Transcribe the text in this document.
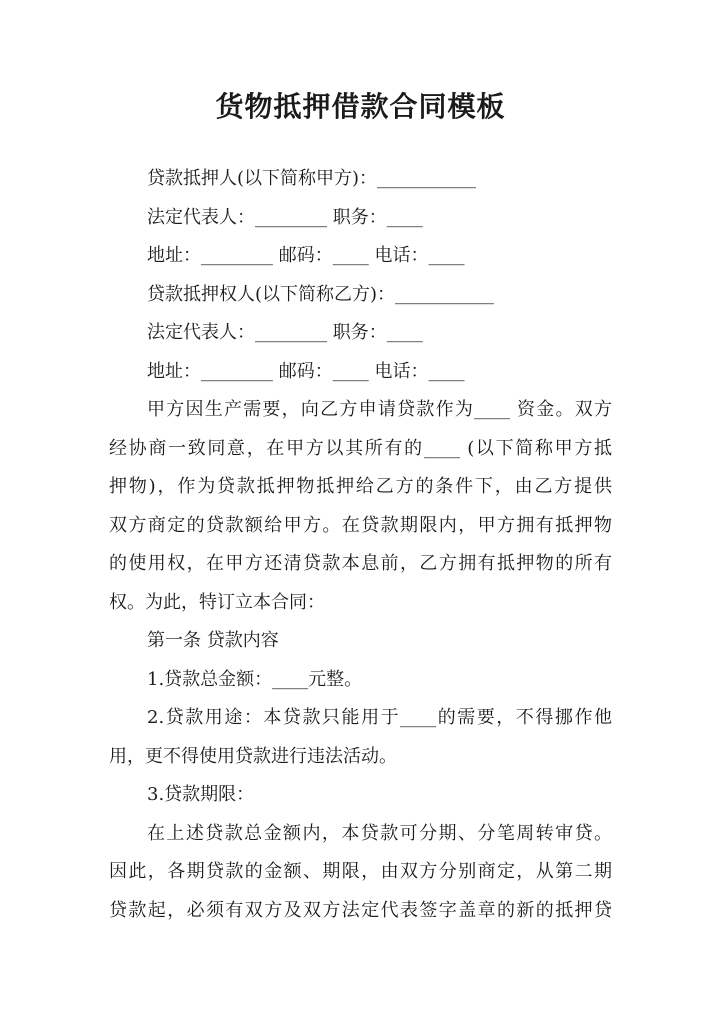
货物抵押借款合同模板
贷款抵押人(以下简称甲方)：___________
法定代表人：________ 职务：____
地址：________ 邮码：____ 电话：____
贷款抵押权人(以下简称乙方)：___________
法定代表人：________ 职务：____
地址：________ 邮码：____ 电话：____
甲方因生产需要，向乙方申请贷款作为____ 资金。双方
经协商一致同意，在甲方以其所有的____ (以下简称甲方抵
押物)，作为贷款抵押物抵押给乙方的条件下，由乙方提供
双方商定的贷款额给甲方。在贷款期限内，甲方拥有抵押物
的使用权，在甲方还清贷款本息前，乙方拥有抵押物的所有
权。为此，特订立本合同：
第一条 贷款内容
1.贷款总金额：____元整。
2.贷款用途：本贷款只能用于____的需要，不得挪作他
用，更不得使用贷款进行违法活动。
3.贷款期限：
在上述贷款总金额内，本贷款可分期、分笔周转审贷。
因此，各期贷款的金额、期限，由双方分别商定，从第二期
贷款起，必须有双方及双方法定代表签字盖章的新的抵押贷
